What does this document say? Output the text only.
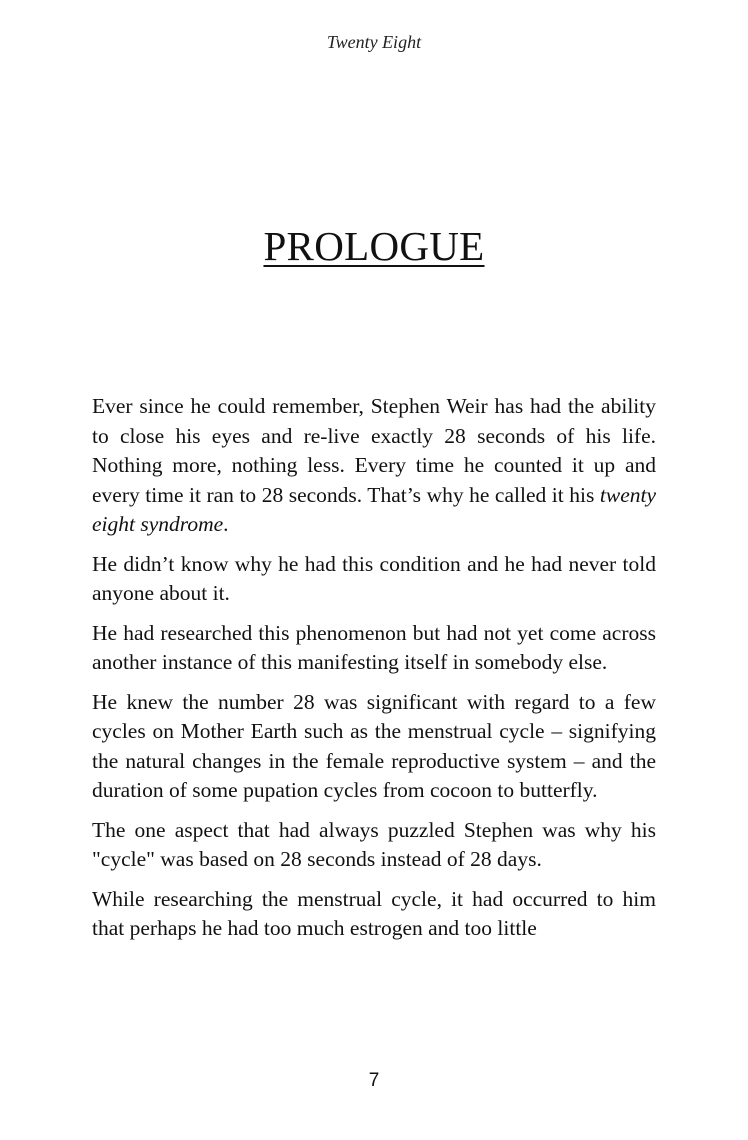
Twenty Eight
PROLOGUE

Ever since he could remember, Stephen Weir has had the ability to close his eyes and re-live exactly 28 seconds of his life. Nothing more, nothing less. Every time he counted it up and every time it ran to 28 seconds. That’s why he called it his twenty eight syndrome.

He didn’t know why he had this condition and he had never told anyone about it.

He had researched this phenomenon but had not yet come across another instance of this manifesting itself in somebody else.

He knew the number 28 was significant with regard to a few cycles on Mother Earth such as the menstrual cycle – signifying the natural changes in the female reproductive system – and the duration of some pupation cycles from cocoon to butterfly.

The one aspect that had always puzzled Stephen was why his "cycle" was based on 28 seconds instead of 28 days.

While researching the menstrual cycle, it had occurred to him that perhaps he had too much estrogen and too little

7
